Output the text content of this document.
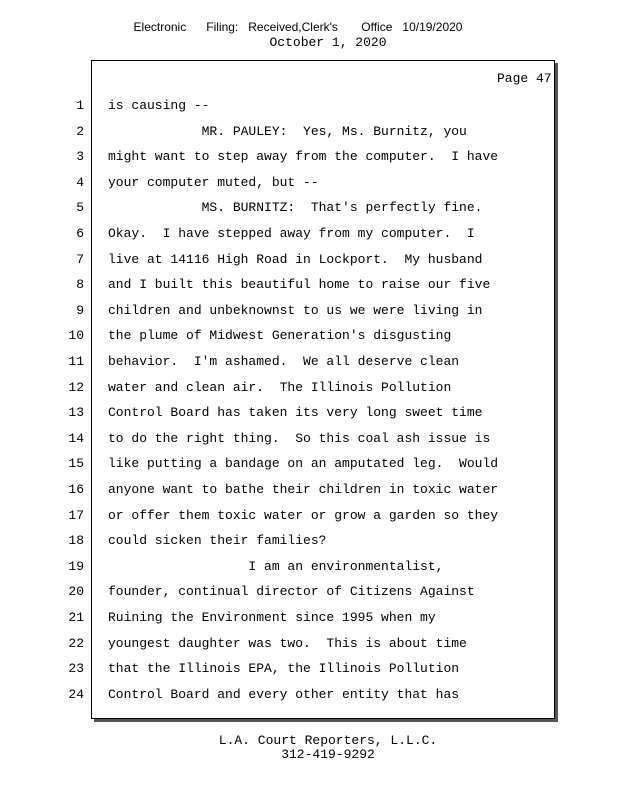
Electronic Filing: Received,Clerk's Office 10/19/2020
October 1, 2020
Page 47
1 is causing --
2 MR. PAULEY:  Yes, Ms. Burnitz, you
3 might want to step away from the computer.  I have
4 your computer muted, but --
5 MS. BURNITZ:  That's perfectly fine.
6 Okay.  I have stepped away from my computer.  I
7 live at 14116 High Road in Lockport.  My husband
8 and I built this beautiful home to raise our five
9 children and unbeknownst to us we were living in
10 the plume of Midwest Generation's disgusting
11 behavior.  I'm ashamed.  We all deserve clean
12 water and clean air.  The Illinois Pollution
13 Control Board has taken its very long sweet time
14 to do the right thing.  So this coal ash issue is
15 like putting a bandage on an amputated leg.  Would
16 anyone want to bathe their children in toxic water
17 or offer them toxic water or grow a garden so they
18 could sicken their families?
19 I am an environmentalist,
20 founder, continual director of Citizens Against
21 Ruining the Environment since 1995 when my
22 youngest daughter was two.  This is about time
23 that the Illinois EPA, the Illinois Pollution
24 Control Board and every other entity that has
L.A. Court Reporters, L.L.C.
312-419-9292
